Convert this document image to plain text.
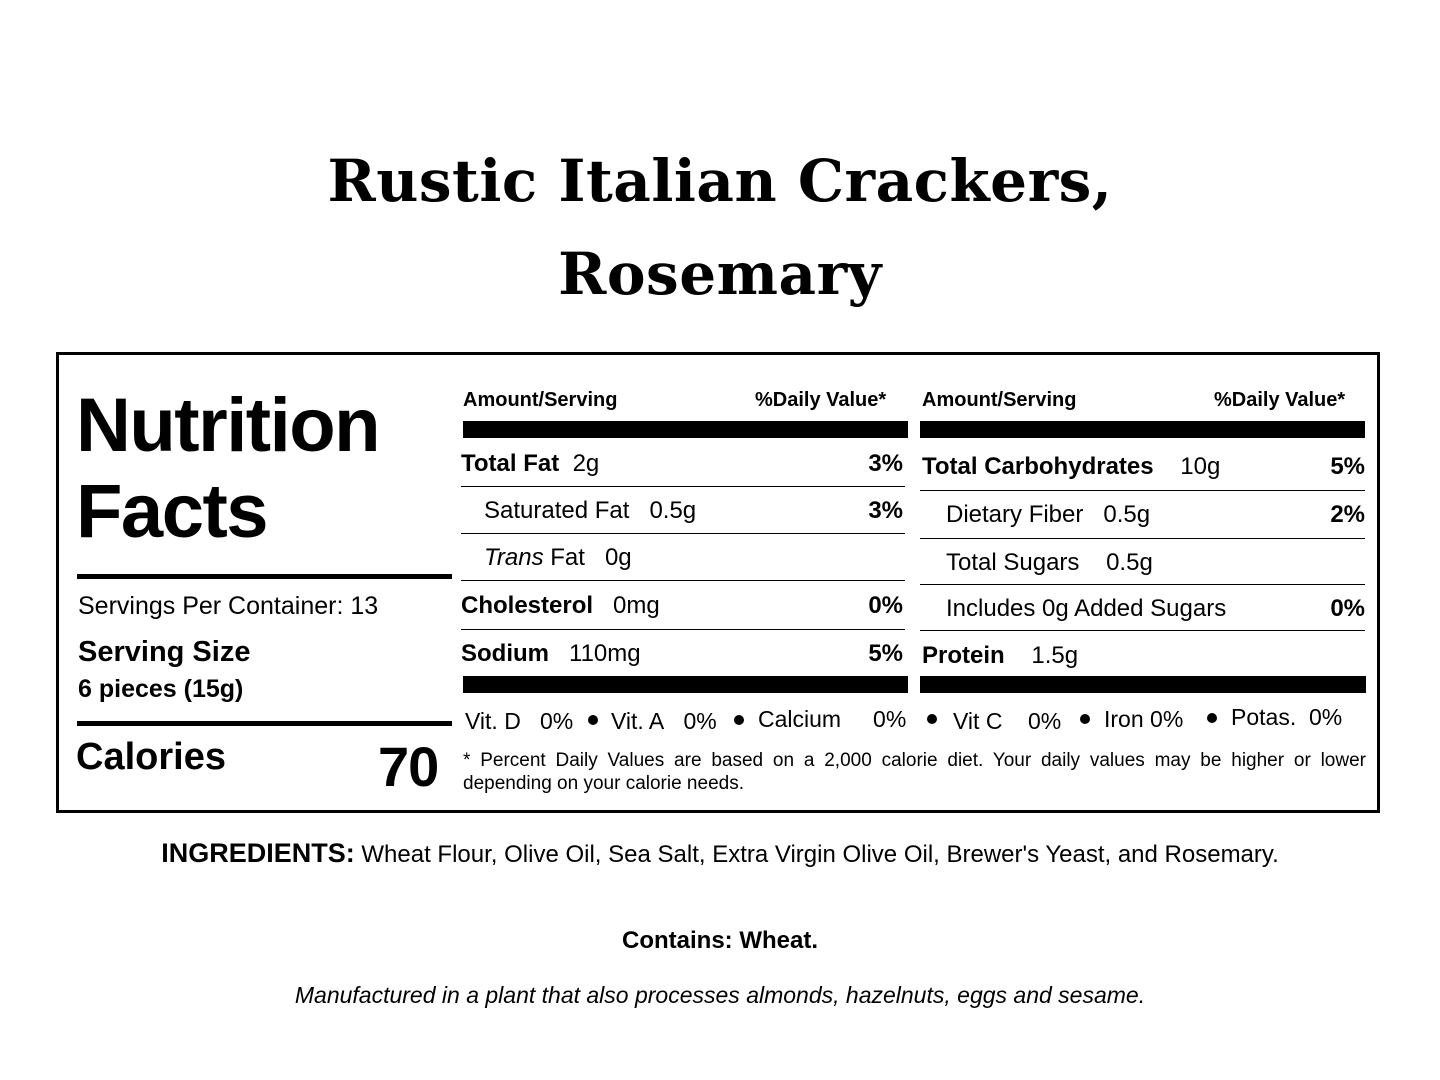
Rustic Italian Crackers,
Rosemary
Nutrition
Facts
Servings Per Container: 13
Serving Size
6 pieces (15g)
Calories	70
Amount/Serving	%Daily Value* Amount/Serving	%Daily Value*
Total Fat 2g	3%
Saturated Fat 0.5g	3%
Trans Fat 0g
Cholesterol 0mg	0%
Sodium 110mg	5%
Total Carbohydrates 10g	5%
Dietary Fiber 0.5g	2%
Total Sugars 0.5g
Includes 0g Added Sugars	0%
Protein 1.5g
Vit. D 0% Vit. A 0% Calcium 0% Vit C 0% Iron 0% Potas. 0%
* Percent Daily Values are based on a 2,000 calorie diet. Your daily values may be higher or lower depending on your calorie needs.
INGREDIENTS: Wheat Flour, Olive Oil, Sea Salt, Extra Virgin Olive Oil, Brewer's Yeast, and Rosemary.
Contains: Wheat.
Manufactured in a plant that also processes almonds, hazelnuts, eggs and sesame.
